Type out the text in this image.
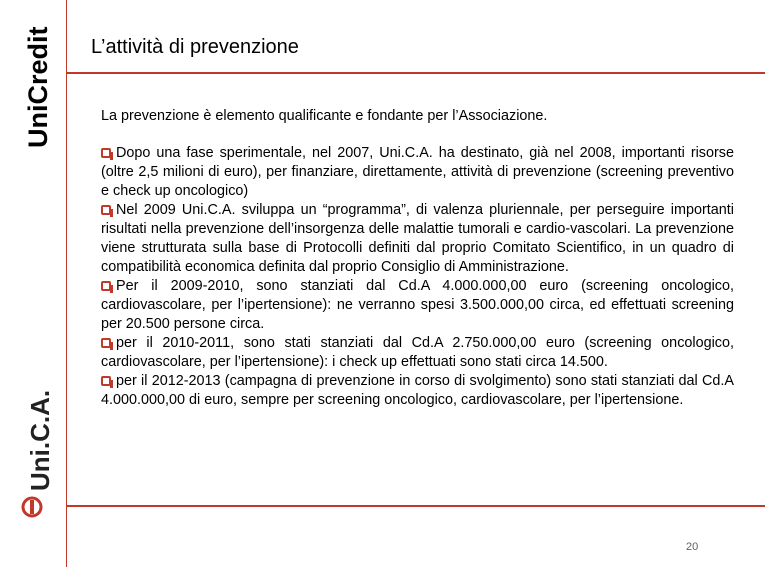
UniCredit
Uni.C.A.
L’attività di prevenzione

La prevenzione è elemento qualificante e fondante per l’Associazione.

Dopo una fase sperimentale, nel 2007, Uni.C.A. ha destinato, già nel 2008, importanti risorse (oltre 2,5 milioni di euro), per finanziare, direttamente, attività di prevenzione (screening preventivo e check up oncologico)

Nel 2009 Uni.C.A. sviluppa un “programma”, di valenza pluriennale, per perseguire importanti risultati nella prevenzione dell’insorgenza delle malattie tumorali e cardio-vascolari. La prevenzione viene strutturata sulla base di Protocolli definiti dal proprio Comitato Scientifico, in un quadro di compatibilità economica definita dal proprio Consiglio di Amministrazione.

Per il 2009-2010, sono stanziati dal Cd.A 4.000.000,00 euro (screening oncologico, cardiovascolare, per l’ipertensione): ne verranno spesi 3.500.000,00 circa, ed effettuati screening per 20.500 persone circa.

per il 2010-2011, sono stati stanziati dal Cd.A 2.750.000,00 euro (screening oncologico, cardiovascolare, per l’ipertensione): i check up effettuati sono stati circa 14.500.

per il 2012-2013 (campagna di prevenzione in corso di svolgimento) sono stati stanziati dal Cd.A 4.000.000,00 di euro, sempre per screening oncologico, cardiovascolare, per l’ipertensione.

20
